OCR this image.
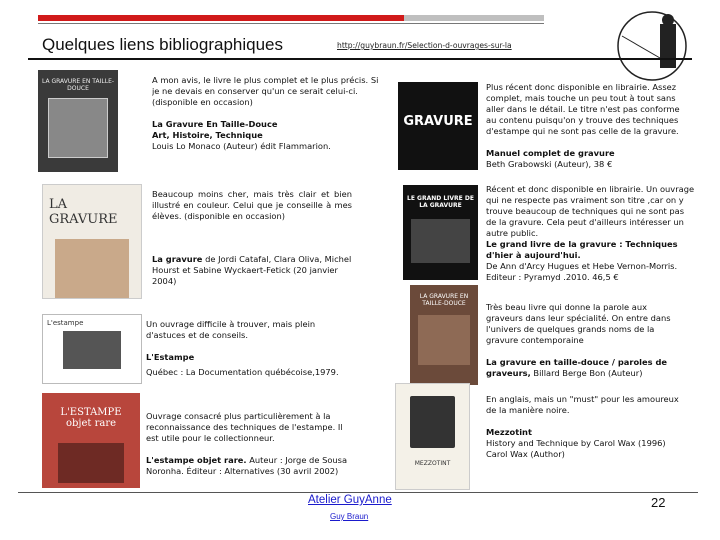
Quelques liens bibliographiques	http://guybraun.fr/Selection-d-ouvrages-sur-la
LA GRAVURE EN TAILLE-DOUCE
A mon avis, le livre le plus complet et le plus précis. Si je ne devais en conserver qu'un ce serait celui-ci. (disponible en occasion)
La Gravure En Taille-Douce
Art, Histoire, Technique
Louis Lo Monaco (Auteur) édit Flammarion.
LA GRAVURE
Beaucoup moins cher, mais très clair et bien illustré en couleur. Celui que je conseille à mes élèves. (disponible en occasion)
La gravure de Jordi Catafal, Clara Oliva, Michel Hourst et Sabine Wyckaert-Fetick (20 janvier 2004)
L'estampe	Un ouvrage difficile à trouver, mais plein d'astuces et de conseils.
L'Estampe
Québec : La Documentation québécoise,1979.
L'ESTAMPE objet rare
Ouvrage consacré plus particulièrement à la reconnaissance des techniques de l'estampe. Il est utile pour le collectionneur.
L'estampe objet rare. Auteur : Jorge de Sousa Noronha. Éditeur : Alternatives (30 avril 2002)
GRAVURE
Plus récent donc disponible en librairie. Assez complet, mais touche un peu tout à tout sans aller dans le détail. Le titre n'est pas conforme au contenu puisqu'on y trouve des techniques d'estampe qui ne sont pas celle de la gravure.
Manuel complet de gravure
Beth Grabowski (Auteur), 38 €
LE GRAND LIVRE DE LA GRAVURE
Récent et donc disponible en librairie. Un ouvrage qui ne respecte pas vraiment son titre ,car on y trouve beaucoup de techniques qui ne sont pas de la gravure. Cela peut d'ailleurs intéresser un autre public.
Le grand livre de la gravure : Techniques d'hier à aujourd'hui.
De Ann d'Arcy Hugues et Hebe Vernon-Morris. Editeur : Pyramyd .2010. 46,5 €
LA GRAVURE EN TAILLE-DOUCE	Très beau livre qui donne la parole aux graveurs dans leur spécialité. On entre dans l'univers de quelques grands noms de la gravure contemporaine
La gravure en taille-douce / paroles de graveurs, Billard Berge Bon (Auteur)
MEZZOTINT
En anglais, mais un "must" pour les amoureux de la manière noire.
Mezzotint
History and Technique by Carol Wax (1996) Carol Wax (Author)
Atelier GuyAnne
Guy Braun
22
